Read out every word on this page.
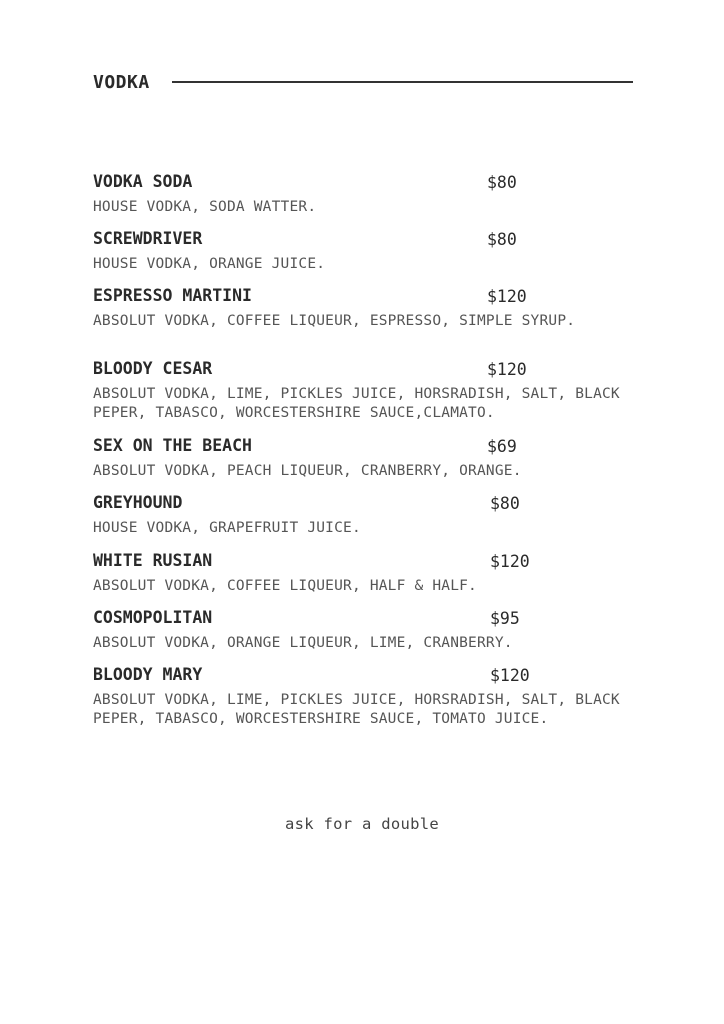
VODKA
VODKA SODA	$80
HOUSE VODKA, SODA WATTER.
SCREWDRIVER	$80
HOUSE VODKA, ORANGE JUICE.
ESPRESSO MARTINI	$120
ABSOLUT VODKA, COFFEE LIQUEUR, ESPRESSO, SIMPLE SYRUP.
BLOODY CESAR	$120
ABSOLUT VODKA, LIME, PICKLES JUICE, HORSRADISH, SALT, BLACK PEPER, TABASCO, WORCESTERSHIRE SAUCE,CLAMATO.
SEX ON THE BEACH	$69
ABSOLUT VODKA, PEACH LIQUEUR, CRANBERRY, ORANGE.
GREYHOUND	$80
HOUSE VODKA, GRAPEFRUIT JUICE.
WHITE RUSIAN	$120
ABSOLUT VODKA, COFFEE LIQUEUR, HALF & HALF.
COSMOPOLITAN	$95
ABSOLUT VODKA, ORANGE LIQUEUR, LIME, CRANBERRY.
BLOODY MARY	$120
ABSOLUT VODKA, LIME, PICKLES JUICE, HORSRADISH, SALT, BLACK PEPER, TABASCO, WORCESTERSHIRE SAUCE, TOMATO JUICE.
ask for a double
